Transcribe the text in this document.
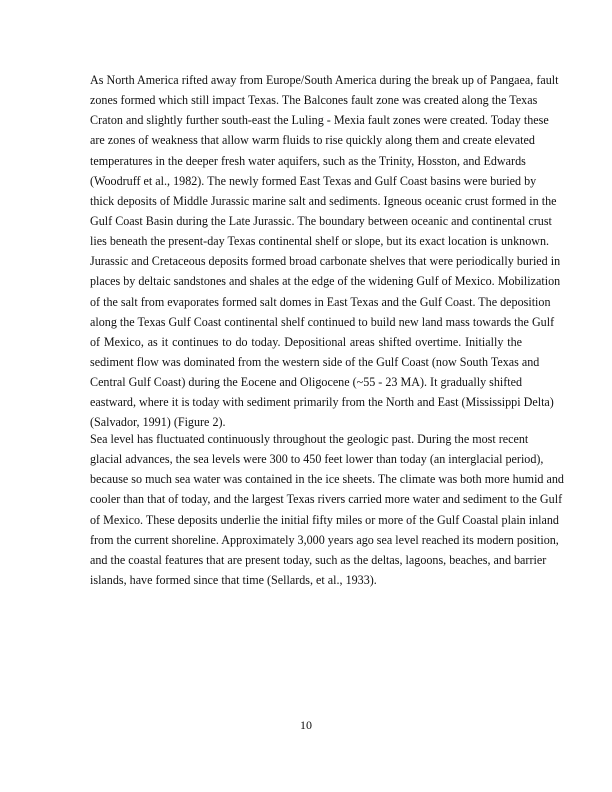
As North America rifted away from Europe/South America during the break up of Pangaea, fault
zones formed which still impact Texas. The Balcones fault zone was created along the Texas
Craton and slightly further south-east the Luling - Mexia fault zones were created. Today these
are zones of weakness that allow warm fluids to rise quickly along them and create elevated
temperatures in the deeper fresh water aquifers, such as the Trinity, Hosston, and Edwards
(Woodruff et al., 1982). The newly formed East Texas and Gulf Coast basins were buried by
thick deposits of Middle Jurassic marine salt and sediments. Igneous oceanic crust formed in the
Gulf Coast Basin during the Late Jurassic. The boundary between oceanic and continental crust
lies beneath the present-day Texas continental shelf or slope, but its exact location is unknown.
Jurassic and Cretaceous deposits formed broad carbonate shelves that were periodically buried in
places by deltaic sandstones and shales at the edge of the widening Gulf of Mexico. Mobilization
of the salt from evaporates formed salt domes in East Texas and the Gulf Coast. The deposition
along the Texas Gulf Coast continental shelf continued to build new land mass towards the Gulf
of Mexico, as it continues to do today. Depositional areas shifted overtime. Initially the
sediment flow was dominated from the western side of the Gulf Coast (now South Texas and
Central Gulf Coast) during the Eocene and Oligocene (~55 - 23 MA). It gradually shifted
eastward, where it is today with sediment primarily from the North and East (Mississippi Delta)
(Salvador, 1991) (Figure 2).
Sea level has fluctuated continuously throughout the geologic past. During the most recent
glacial advances, the sea levels were 300 to 450 feet lower than today (an interglacial period),
because so much sea water was contained in the ice sheets. The climate was both more humid and
cooler than that of today, and the largest Texas rivers carried more water and sediment to the Gulf
of Mexico. These deposits underlie the initial fifty miles or more of the Gulf Coastal plain inland
from the current shoreline. Approximately 3,000 years ago sea level reached its modern position,
and the coastal features that are present today, such as the deltas, lagoons, beaches, and barrier
islands, have formed since that time (Sellards, et al., 1933).
10
